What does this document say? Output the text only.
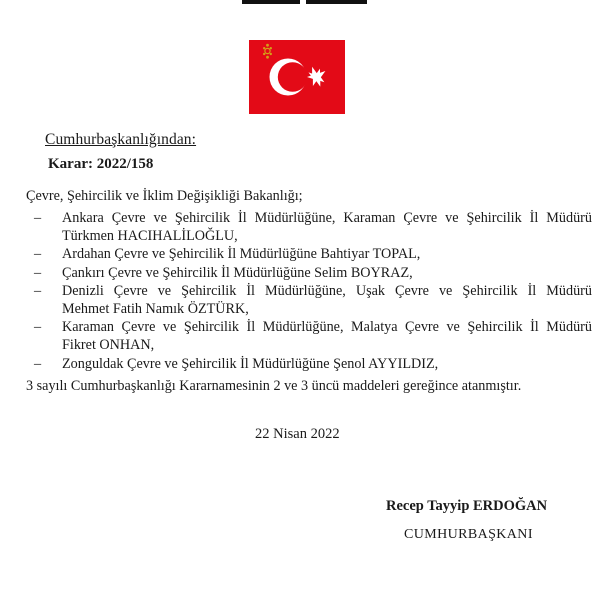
Cumhurbaşkanlığından:
Karar: 2022/158
Çevre, Şehircilik ve İklim Değişikliği Bakanlığı;
– Ankara Çevre ve Şehircilik İl Müdürlüğüne, Karaman Çevre ve Şehircilik İl Müdürü
Türkmen HACIHALİLOĞLU,
– Ardahan Çevre ve Şehircilik İl Müdürlüğüne Bahtiyar TOPAL,
– Çankırı Çevre ve Şehircilik İl Müdürlüğüne Selim BOYRAZ,
– Denizli Çevre ve Şehircilik İl Müdürlüğüne, Uşak Çevre ve Şehircilik İl Müdürü
Mehmet Fatih Namık ÖZTÜRK,
– Karaman Çevre ve Şehircilik İl Müdürlüğüne, Malatya Çevre ve Şehircilik İl Müdürü
Fikret ONHAN,
– Zonguldak Çevre ve Şehircilik İl Müdürlüğüne Şenol AYYILDIZ,
3 sayılı Cumhurbaşkanlığı Kararnamesinin 2 ve 3 üncü maddeleri gereğince atanmıştır.
22 Nisan 2022
Recep Tayyip ERDOĞAN
CUMHURBAŞKANI
